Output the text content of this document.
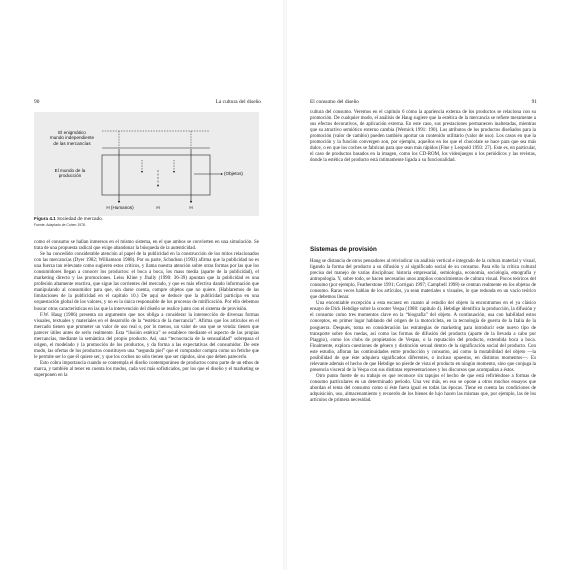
90	La cultura del diseño
El enigmático
mundo independiente
de las mercancías
El mundo de la
producción	(Objetos)
H (Humanos)	H	H
Figura 4.1 Sociedad de mercado.
Fuente: Adaptado de Cohen 1978.

como el consumo se hallan inmersos en el mismo sistema, en el que ambos se convierten en una simulación. Se trata de una propuesta radical que exige abandonar la búsqueda de la autenticidad.

Se ha concedido considerable atención al papel de la publicidad en la construcción de los mitos relacionados con las mercancías (Dyer 1982; Williamson 1988). Por su parte, Schudson (1993) afirma que la publicidad no es una fuerza tan relevante como sugieren estos críticos, y llama nuestra atención sobre otras formas por las que los consumidores llegan a conocer los productos: el boca a boca, los mass media (aparte de la publicidad), el marketing directo y las promociones. Leiss Kline y Jhally (1990: 36-39) apuntan que la publicidad es una profesión altamente reactiva, que sigue las corrientes del mercado, y que es más efectiva dando información que manipulando al consumidor para que, sin darse cuenta, compre objetos que no quiere. (Hablaremos de las limitaciones de la publicidad en el capítulo 10.) De aquí se deduce que la publicidad participa en una orquestación global de los valores, y no es la única responsable de los procesos de mitificación. Por ello debemos buscar otras características en las que la intervención del diseño se realice junto con el sistema de provisión.

F.W. Haug (1986) presenta un argumento que nos obliga a considerar la intersección de diversas formas visuales, textuales y materiales en el desarrollo de la “estética de la mercancía”. Afirma que los artículos en el mercado tienen que prometer un valor de uso real o, por lo menos, un valor de uso que se venda: tienen que parecer útiles antes de serlo realmente. Esta “ilusión estética” se establece mediante el aspecto de las propias mercancías, mediante la semántica del propio producto. Así, una “tecnocracia de la sensualidad” sobrepasa el origen, el modelado y la promoción de los productos, y da forma a las expectativas del consumidor. De este modo, las ofertas de los productos constituyen una “segunda piel” que el comprador compra como un fetiche que le permite ser lo que él quiere ser, y que los coches no sólo tienen que ser rápidos, sino que deben parecerlo.

Esto cobra importancia cuando se contempla el diseño contemporáneo de productos como parte de un ethos de marca, y también al tener en cuenta los modos, cada vez más sofisticados, por los que el diseño y el marketing se superponen en la

El consumo del diseño	91

cultura del consumo. Veremos en el capítulo 6 cómo la apariencia externa de los productos se relaciona con su promoción. De cualquier modo, el análisis de Haug sugiere que la estética de la mercancía se refiere meramente a sus efectos decorativos, de aplicación externa. En este caso, sus prestaciones permanecen inalteradas, mientras que su atractivo semiótico externo cambia (Wernick 1991: 190). Los atributos de los productos diseñados para la promoción (valor de cambio) pueden también aportar un contenido utilitario (valor de uso). Los casos en que la promoción y la función convergen son, por ejemplo, aquellos en los que el chocolate se hace para que sea más dulce, o en que los coches se fabrican para que sean más rápidos (Fine y Leopold 1993: 27). Este es, en particular, el caso de productos basados en la imagen, como los CD-ROM, los videojuegos o los periódicos y las revistas, donde la estética del producto está íntimamente ligada a su funcionalidad.

Sistemas de provisión

Haug se distancia de otros pensadores al reivindicar un análisis vertical e integrado de la cultura material y visual, ligando la forma del producto a su difusión y al significado social de su consumo. Para ello la crítica cultural precisa del manejo de varias disciplinas: historia empresarial, semiología, economía, sociología, etnografía y antropología. Y, sobre todo, se hacen necesarios unos amplios conocimientos de cultura visual. Pocos teóricos del consumo (por ejemplo, Featherstone 1991; Corrigan 1997; Campbell 1998) se centran realmente en los objetos de consumo. Raras veces hablan de los artículos, ya sean materiales o visuales, lo que redunda en un vacío teórico que debemos llenar.

Una encomiable excepción a esta escasez en cuanto al estudio del objeto la encontramos en el ya clásico ensayo de Dick Hebdige sobre la scooter Vespa (1988: capítulo 4). Hebdige identifica la producción, la difusión y el consumo como tres momentos clave en la “biografía” del objeto. A continuación, usa con habilidad estos conceptos, en primer lugar hablando del origen de la motocicleta, en la tecnología de guerra de la Italia de la posguerra. Después, toma en consideración las estrategias de marketing para introducir este nuevo tipo de transporte sobre dos ruedas, así como las formas de difusión del producto (aparte de la llevada a cabo por Piaggio), como los clubs de propietarios de Vespas, o la reputación del producto, extendida boca a boca. Finalmente, explora cuestiones de género y distinción sexual dentro de la significación social del producto. Con este estudio, afloran las continuidades entre producción y consumo, así como la mutabilidad del objeto —la posibilidad de que éste adquiera significados diferentes, o incluso opuestos, en distintos momentos—. Es relevante además el hecho de que Hebdige no pierde de vista el producto en ningún momento, sino que conjuga la presencia visceral de la Vespa con sus distintas representaciones y los discursos que acompañan a éstos.

Otro punto fuerte de su trabajo es que reconoce sin tapujos el hecho de que está refiriéndose a formas de consumo particulares en un determinado periodo. Una vez más, en eso se opone a otros muchos ensayos que abordan el tema del consumo como si éste fuera igual en todas las épocas. Tiene en cuenta las condiciones de adquisición, uso, almacenamiento y recuerdo de los bienes de lujo hacen las mismas que, por ejemplo, las de los artículos de primera necesidad.
